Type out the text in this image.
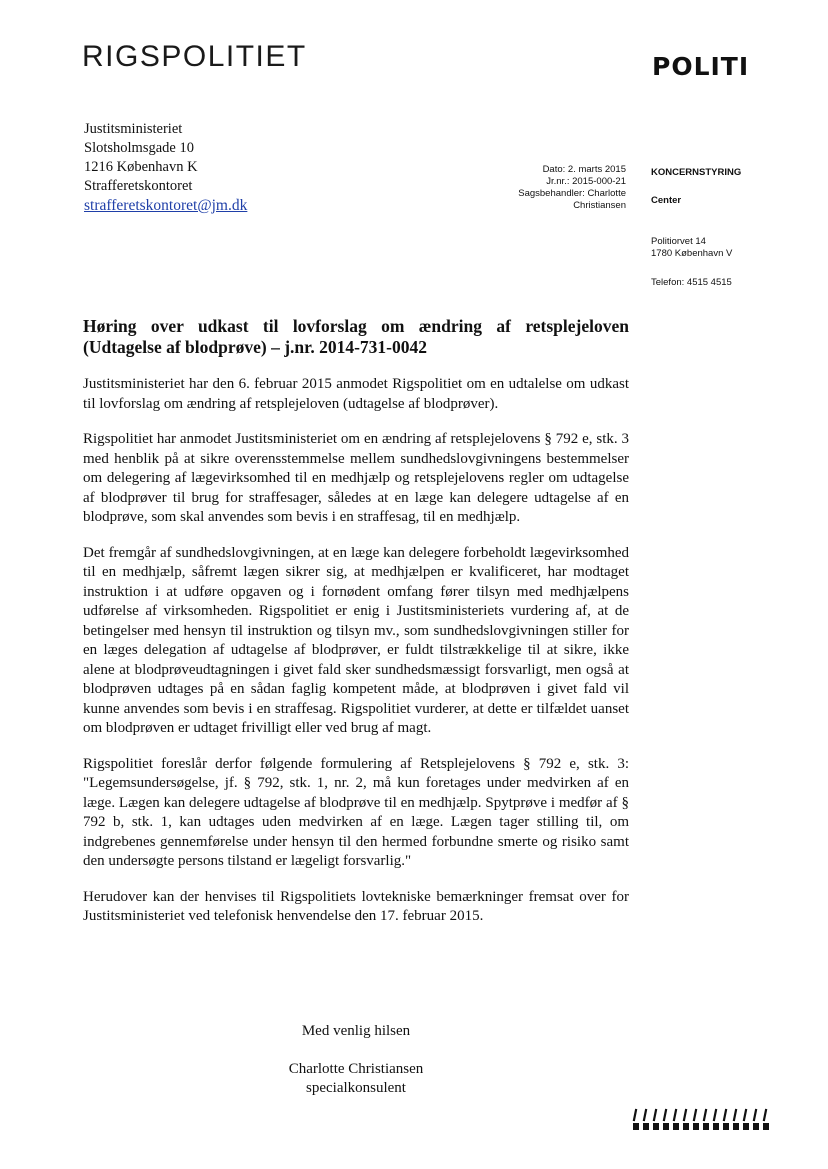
RIGSPOLITIET	POLITI
Justitsministeriet
Slotsholmsgade 10
1216 København K
Strafferetskontoret
strafferetskontoret@jm.dk
Dato: 2. marts 2015
Jr.nr.: 2015-000-21
Sagsbehandler: Charlotte
Christiansen
KONCERNSTYRING
Center
Politiorvet 14
1780 København V
Telefon: 4515 4515
Høring over udkast til lovforslag om ændring af retsplejeloven (Udtagelse af blodprøve) – j.nr. 2014-731-0042

Justitsministeriet har den 6. februar 2015 anmodet Rigspolitiet om en udtalelse om udkast til lovforslag om ændring af retsplejeloven (udtagelse af blodprøver).

Rigspolitiet har anmodet Justitsministeriet om en ændring af retsplejelovens § 792 e, stk. 3 med henblik på at sikre overensstemmelse mellem sundhedslovgivningens bestemmelser om delegering af lægevirksomhed til en medhjælp og retsplejelovens regler om udtagelse af blodprøver til brug for straffesager, således at en læge kan delegere udtagelse af en blodprøve, som skal anvendes som bevis i en straffesag, til en medhjælp.

Det fremgår af sundhedslovgivningen, at en læge kan delegere forbeholdt lægevirksomhed til en medhjælp, såfremt lægen sikrer sig, at medhjælpen er kvalificeret, har modtaget instruktion i at udføre opgaven og i fornødent omfang fører tilsyn med medhjælpens udførelse af virksomheden. Rigspolitiet er enig i Justitsministeriets vurdering af, at de betingelser med hensyn til instruktion og tilsyn mv., som sundhedslovgivningen stiller for en læges delegation af udtagelse af blodprøver, er fuldt tilstrækkelige til at sikre, ikke alene at blodprøveudtagningen i givet fald sker sundhedsmæssigt forsvarligt, men også at blodprøven udtages på en sådan faglig kompetent måde, at blodprøven i givet fald vil kunne anvendes som bevis i en straffesag. Rigspolitiet vurderer, at dette er tilfældet uanset om blodprøven er udtaget frivilligt eller ved brug af magt.

Rigspolitiet foreslår derfor følgende formulering af Retsplejelovens § 792 e, stk. 3: "Legemsundersøgelse, jf. § 792, stk. 1, nr. 2, må kun foretages under medvirken af en læge. Lægen kan delegere udtagelse af blodprøve til en medhjælp. Spytprøve i medfør af § 792 b, stk. 1, kan udtages uden medvirken af en læge. Lægen tager stilling til, om indgrebenes gennemførelse under hensyn til den hermed forbundne smerte og risiko samt den undersøgte persons tilstand er lægeligt forsvarlig."

Herudover kan der henvises til Rigspolitiets lovtekniske bemærkninger fremsat over for Justitsministeriet ved telefonisk henvendelse den 17. februar 2015.

Med venlig hilsen
Charlotte Christiansen
specialkonsulent
